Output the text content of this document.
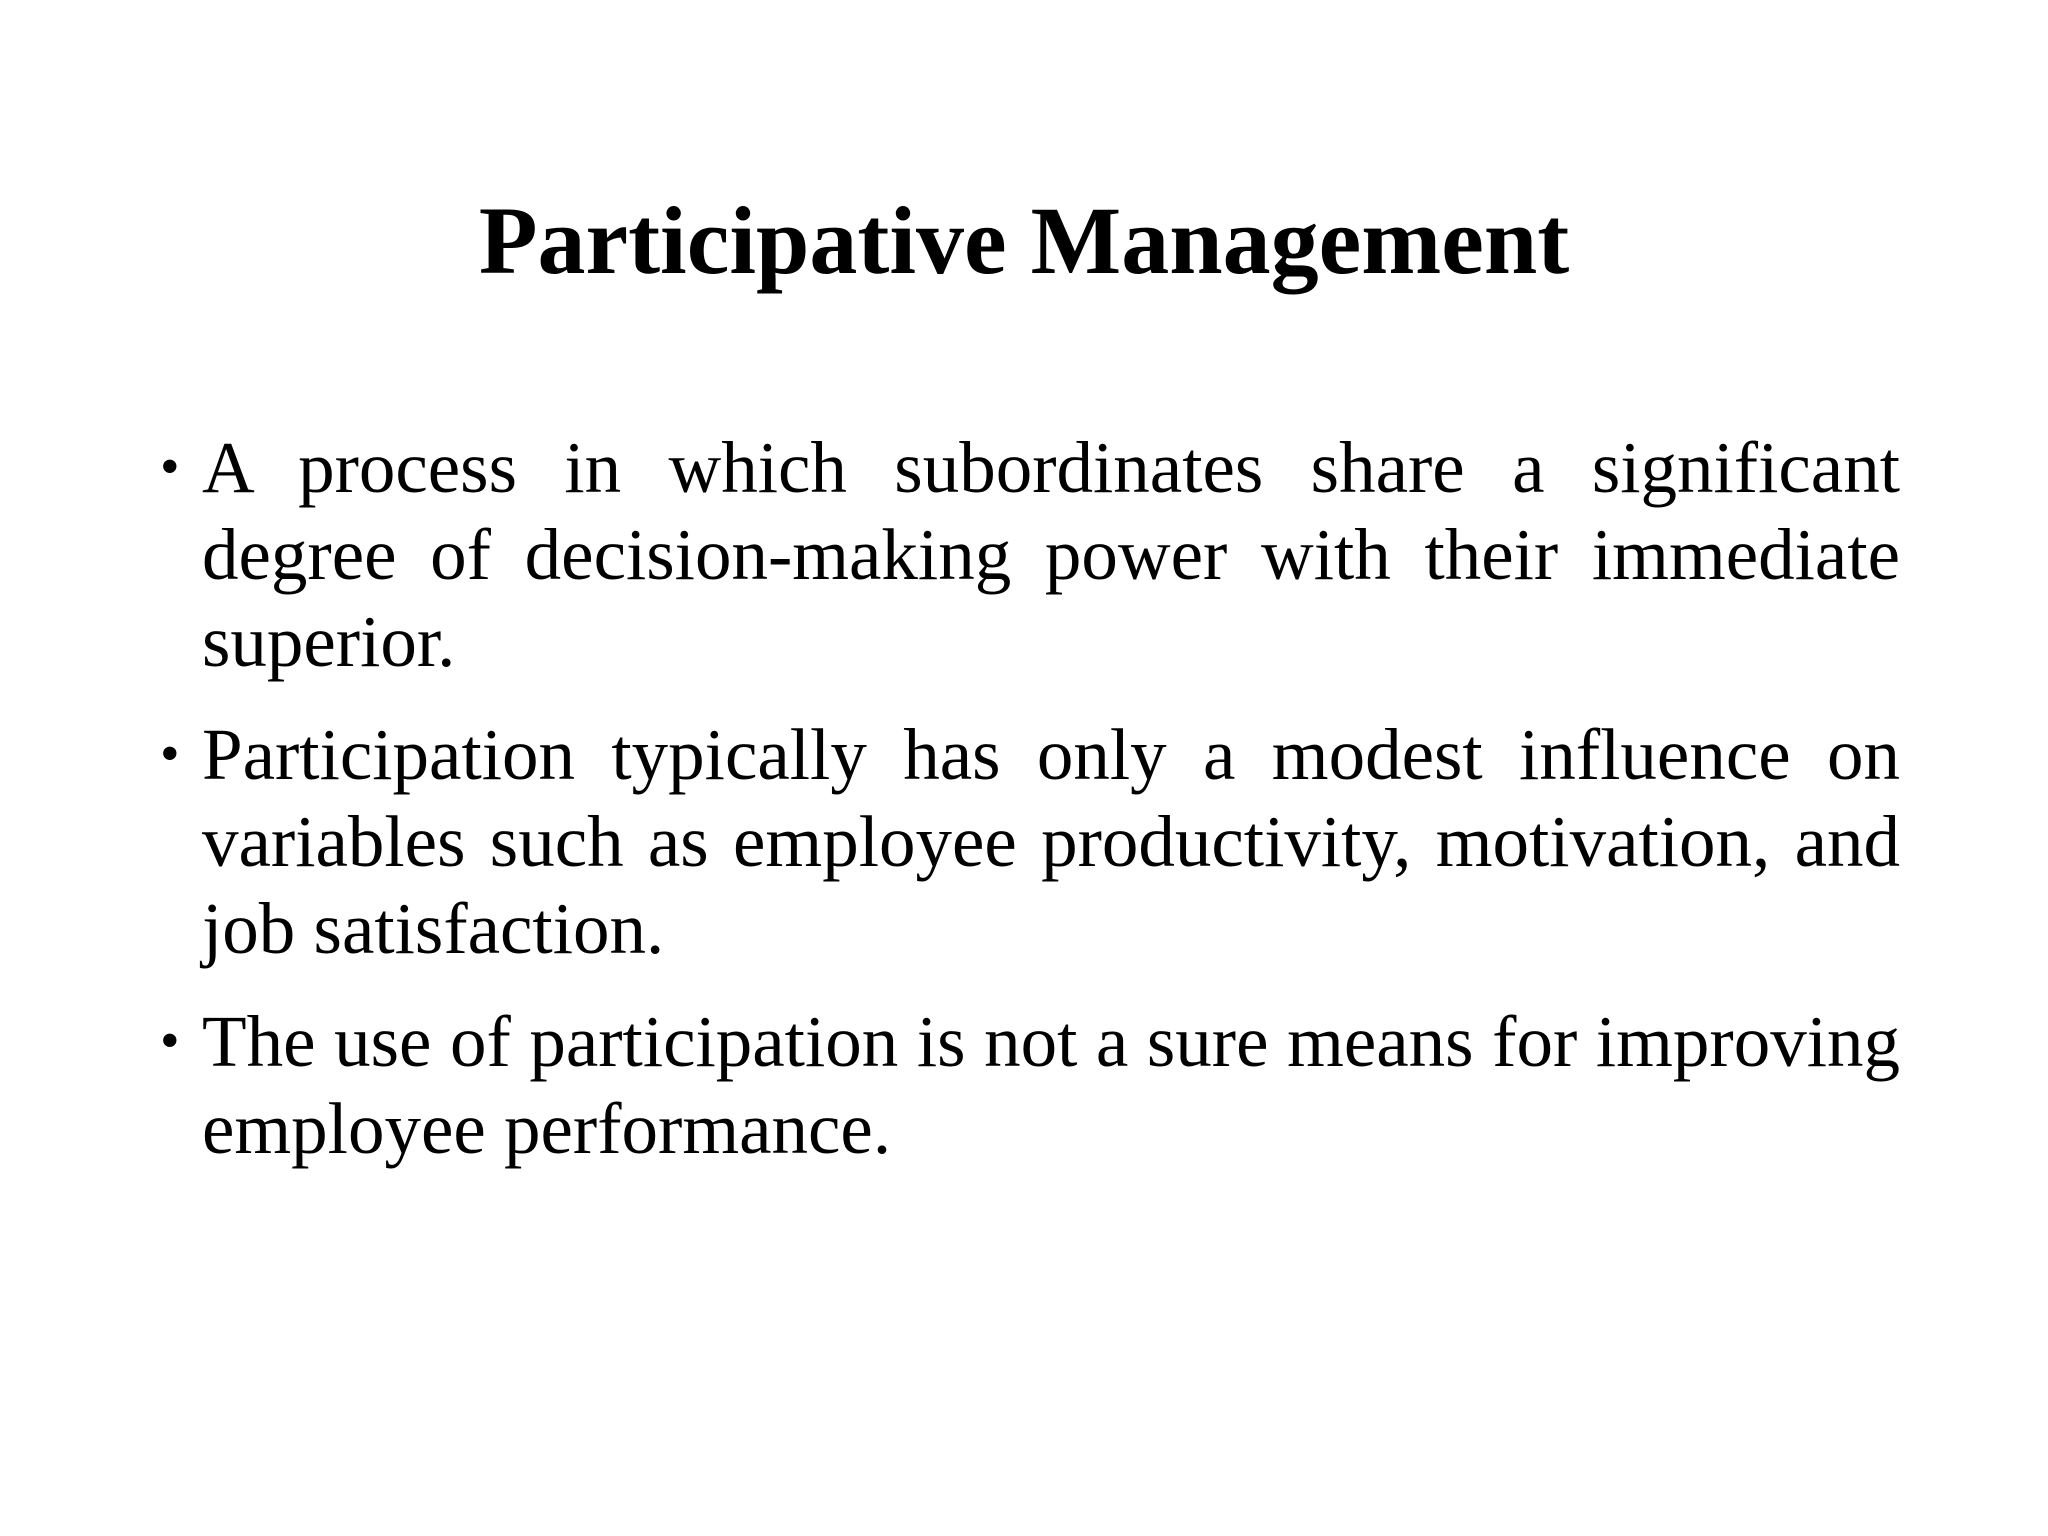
Participative Management
• A process in which subordinates share a significant degree of decision-making power with their immediate superior.
• Participation typically has only a modest influence on variables such as employee productivity, motivation, and job satisfaction.
• The use of participation is not a sure means for improving employee performance.
